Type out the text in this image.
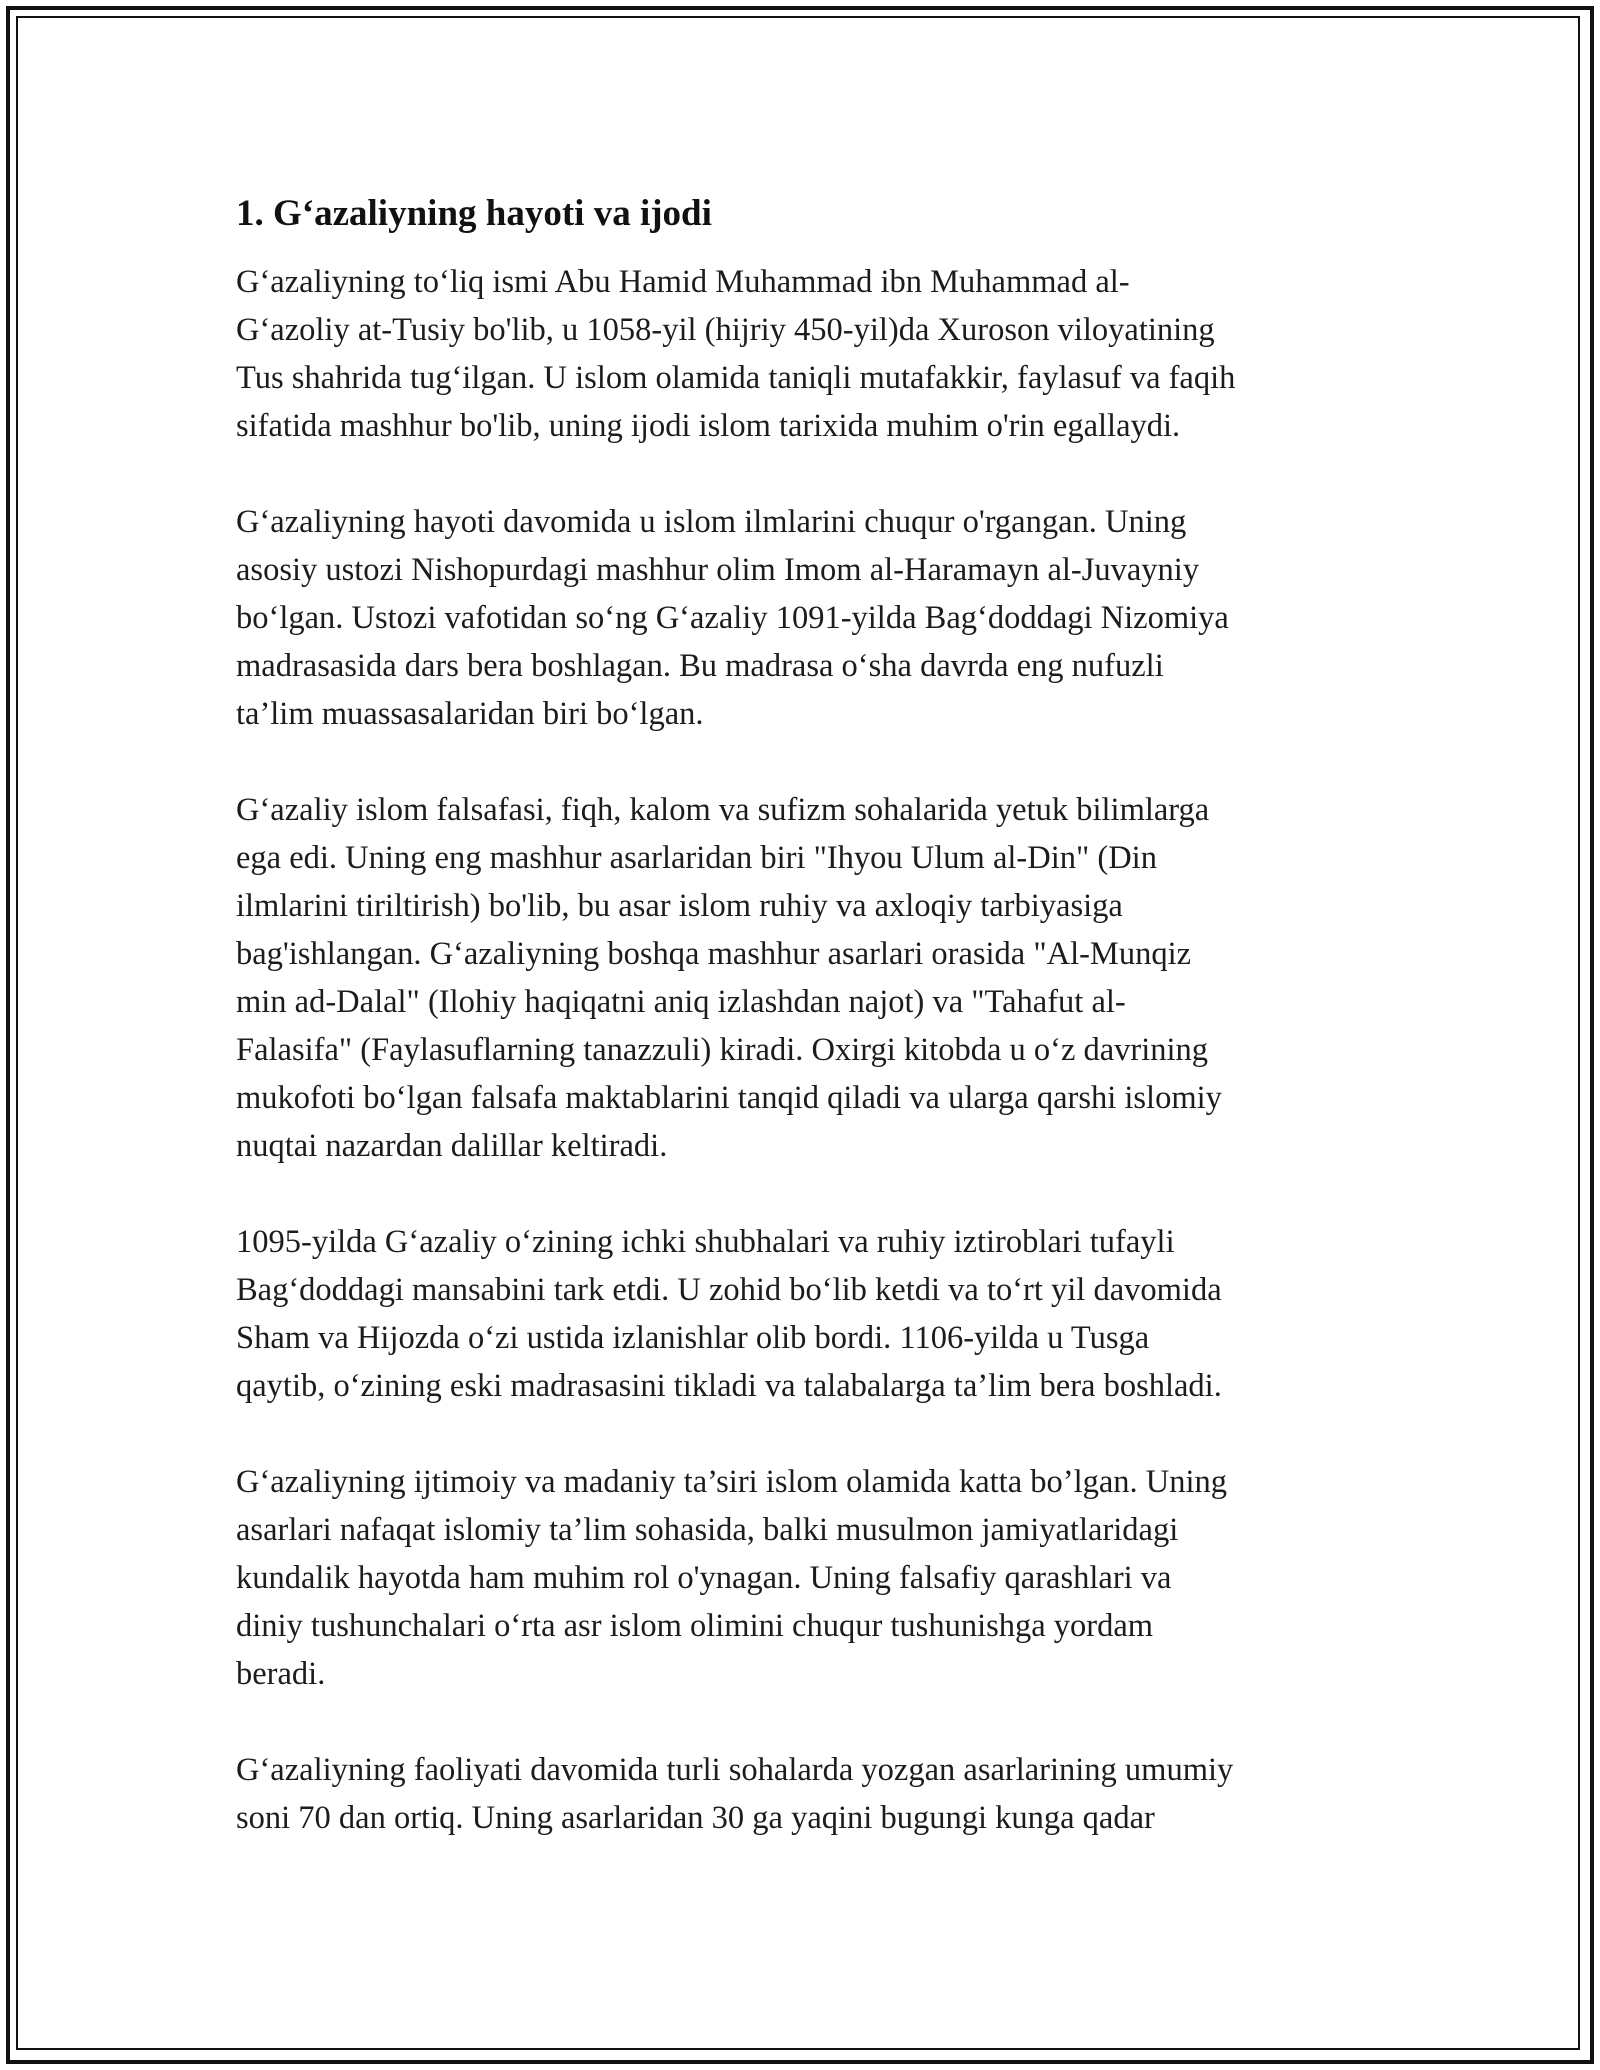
1. G‘azaliyning hayoti va ijodi

G‘azaliyning to‘liq ismi Abu Hamid Muhammad ibn Muhammad al-
G‘azoliy at-Tusiy bo'lib, u 1058-yil (hijriy 450-yil)da Xuroson viloyatining
Tus shahrida tug‘ilgan. U islom olamida taniqli mutafakkir, faylasuf va faqih
sifatida mashhur bo'lib, uning ijodi islom tarixida muhim o'rin egallaydi.

G‘azaliyning hayoti davomida u islom ilmlarini chuqur o'rgangan. Uning
asosiy ustozi Nishopurdagi mashhur olim Imom al-Haramayn al-Juvayniy
bo‘lgan. Ustozi vafotidan so‘ng G‘azaliy 1091-yilda Bag‘doddagi Nizomiya
madrasasida dars bera boshlagan. Bu madrasa o‘sha davrda eng nufuzli
ta’lim muassasalaridan biri bo‘lgan.

G‘azaliy islom falsafasi, fiqh, kalom va sufizm sohalarida yetuk bilimlarga
ega edi. Uning eng mashhur asarlaridan biri "Ihyou Ulum al-Din" (Din
ilmlarini tiriltirish) bo'lib, bu asar islom ruhiy va axloqiy tarbiyasiga
bag'ishlangan. G‘azaliyning boshqa mashhur asarlari orasida "Al-Munqiz
min ad-Dalal" (Ilohiy haqiqatni aniq izlashdan najot) va "Tahafut al-
Falasifa" (Faylasuflarning tanazzuli) kiradi. Oxirgi kitobda u o‘z davrining
mukofoti bo‘lgan falsafa maktablarini tanqid qiladi va ularga qarshi islomiy
nuqtai nazardan dalillar keltiradi.

1095-yilda G‘azaliy o‘zining ichki shubhalari va ruhiy iztiroblari tufayli
Bag‘doddagi mansabini tark etdi. U zohid bo‘lib ketdi va to‘rt yil davomida
Sham va Hijozda o‘zi ustida izlanishlar olib bordi. 1106-yilda u Tusga
qaytib, o‘zining eski madrasasini tikladi va talabalarga ta’lim bera boshladi.

G‘azaliyning ijtimoiy va madaniy ta’siri islom olamida katta bo’lgan. Uning
asarlari nafaqat islomiy ta’lim sohasida, balki musulmon jamiyatlaridagi
kundalik hayotda ham muhim rol o'ynagan. Uning falsafiy qarashlari va
diniy tushunchalari o‘rta asr islom olimini chuqur tushunishga yordam
beradi.

G‘azaliyning faoliyati davomida turli sohalarda yozgan asarlarining umumiy
soni 70 dan ortiq. Uning asarlaridan 30 ga yaqini bugungi kunga qadar
